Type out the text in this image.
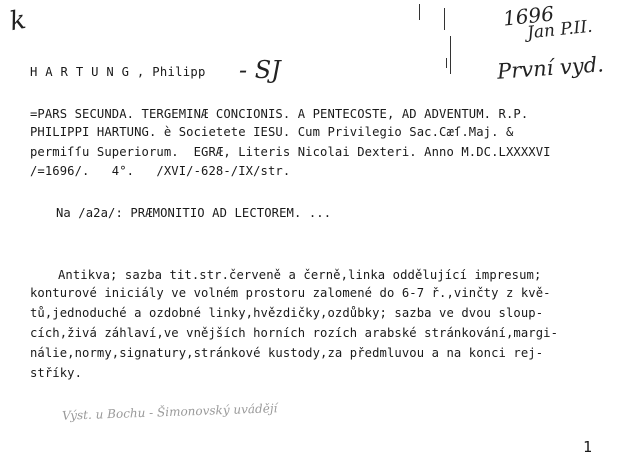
k	1696
Jan P.II.
První vyd.
H A R T U N G , Philipp - SJ
=PARS SECUNDA. TERGEMINÆ CONCIONIS. A PENTECOSTE, AD ADVENTUM. R.P.
PHILIPPI HARTUNG. è Societete IESU. Cum Privilegio Sac.Cæſ.Maj. &
permiſſu Superiorum.  EGRÆ, Literis Nicolai Dexteri. Anno M.DC.LXXXXVI
/=1696/.   4°.   /XVI/-628-/IX/str.
Na /a2a/: PRÆMONITIO AD LECTOREM. ...
Antikva; sazba tit.str.červeně a černě,linka oddělující impresum;
konturové iniciály ve volném prostoru zalomené do 6-7 ř.,vinčty z kvě-
tů,jednoduché a ozdobné linky,hvězdičky,ozdůbky; sazba ve dvou sloup-
cích,živá záhlaví,ve vnějších horních rozích arabské stránkování,margi-
nálie,normy,signatury,stránkové kustody,za předmluvou a na konci rej-
stříky.
Výst. u Bochu - Šimonovský uvádějí
1
